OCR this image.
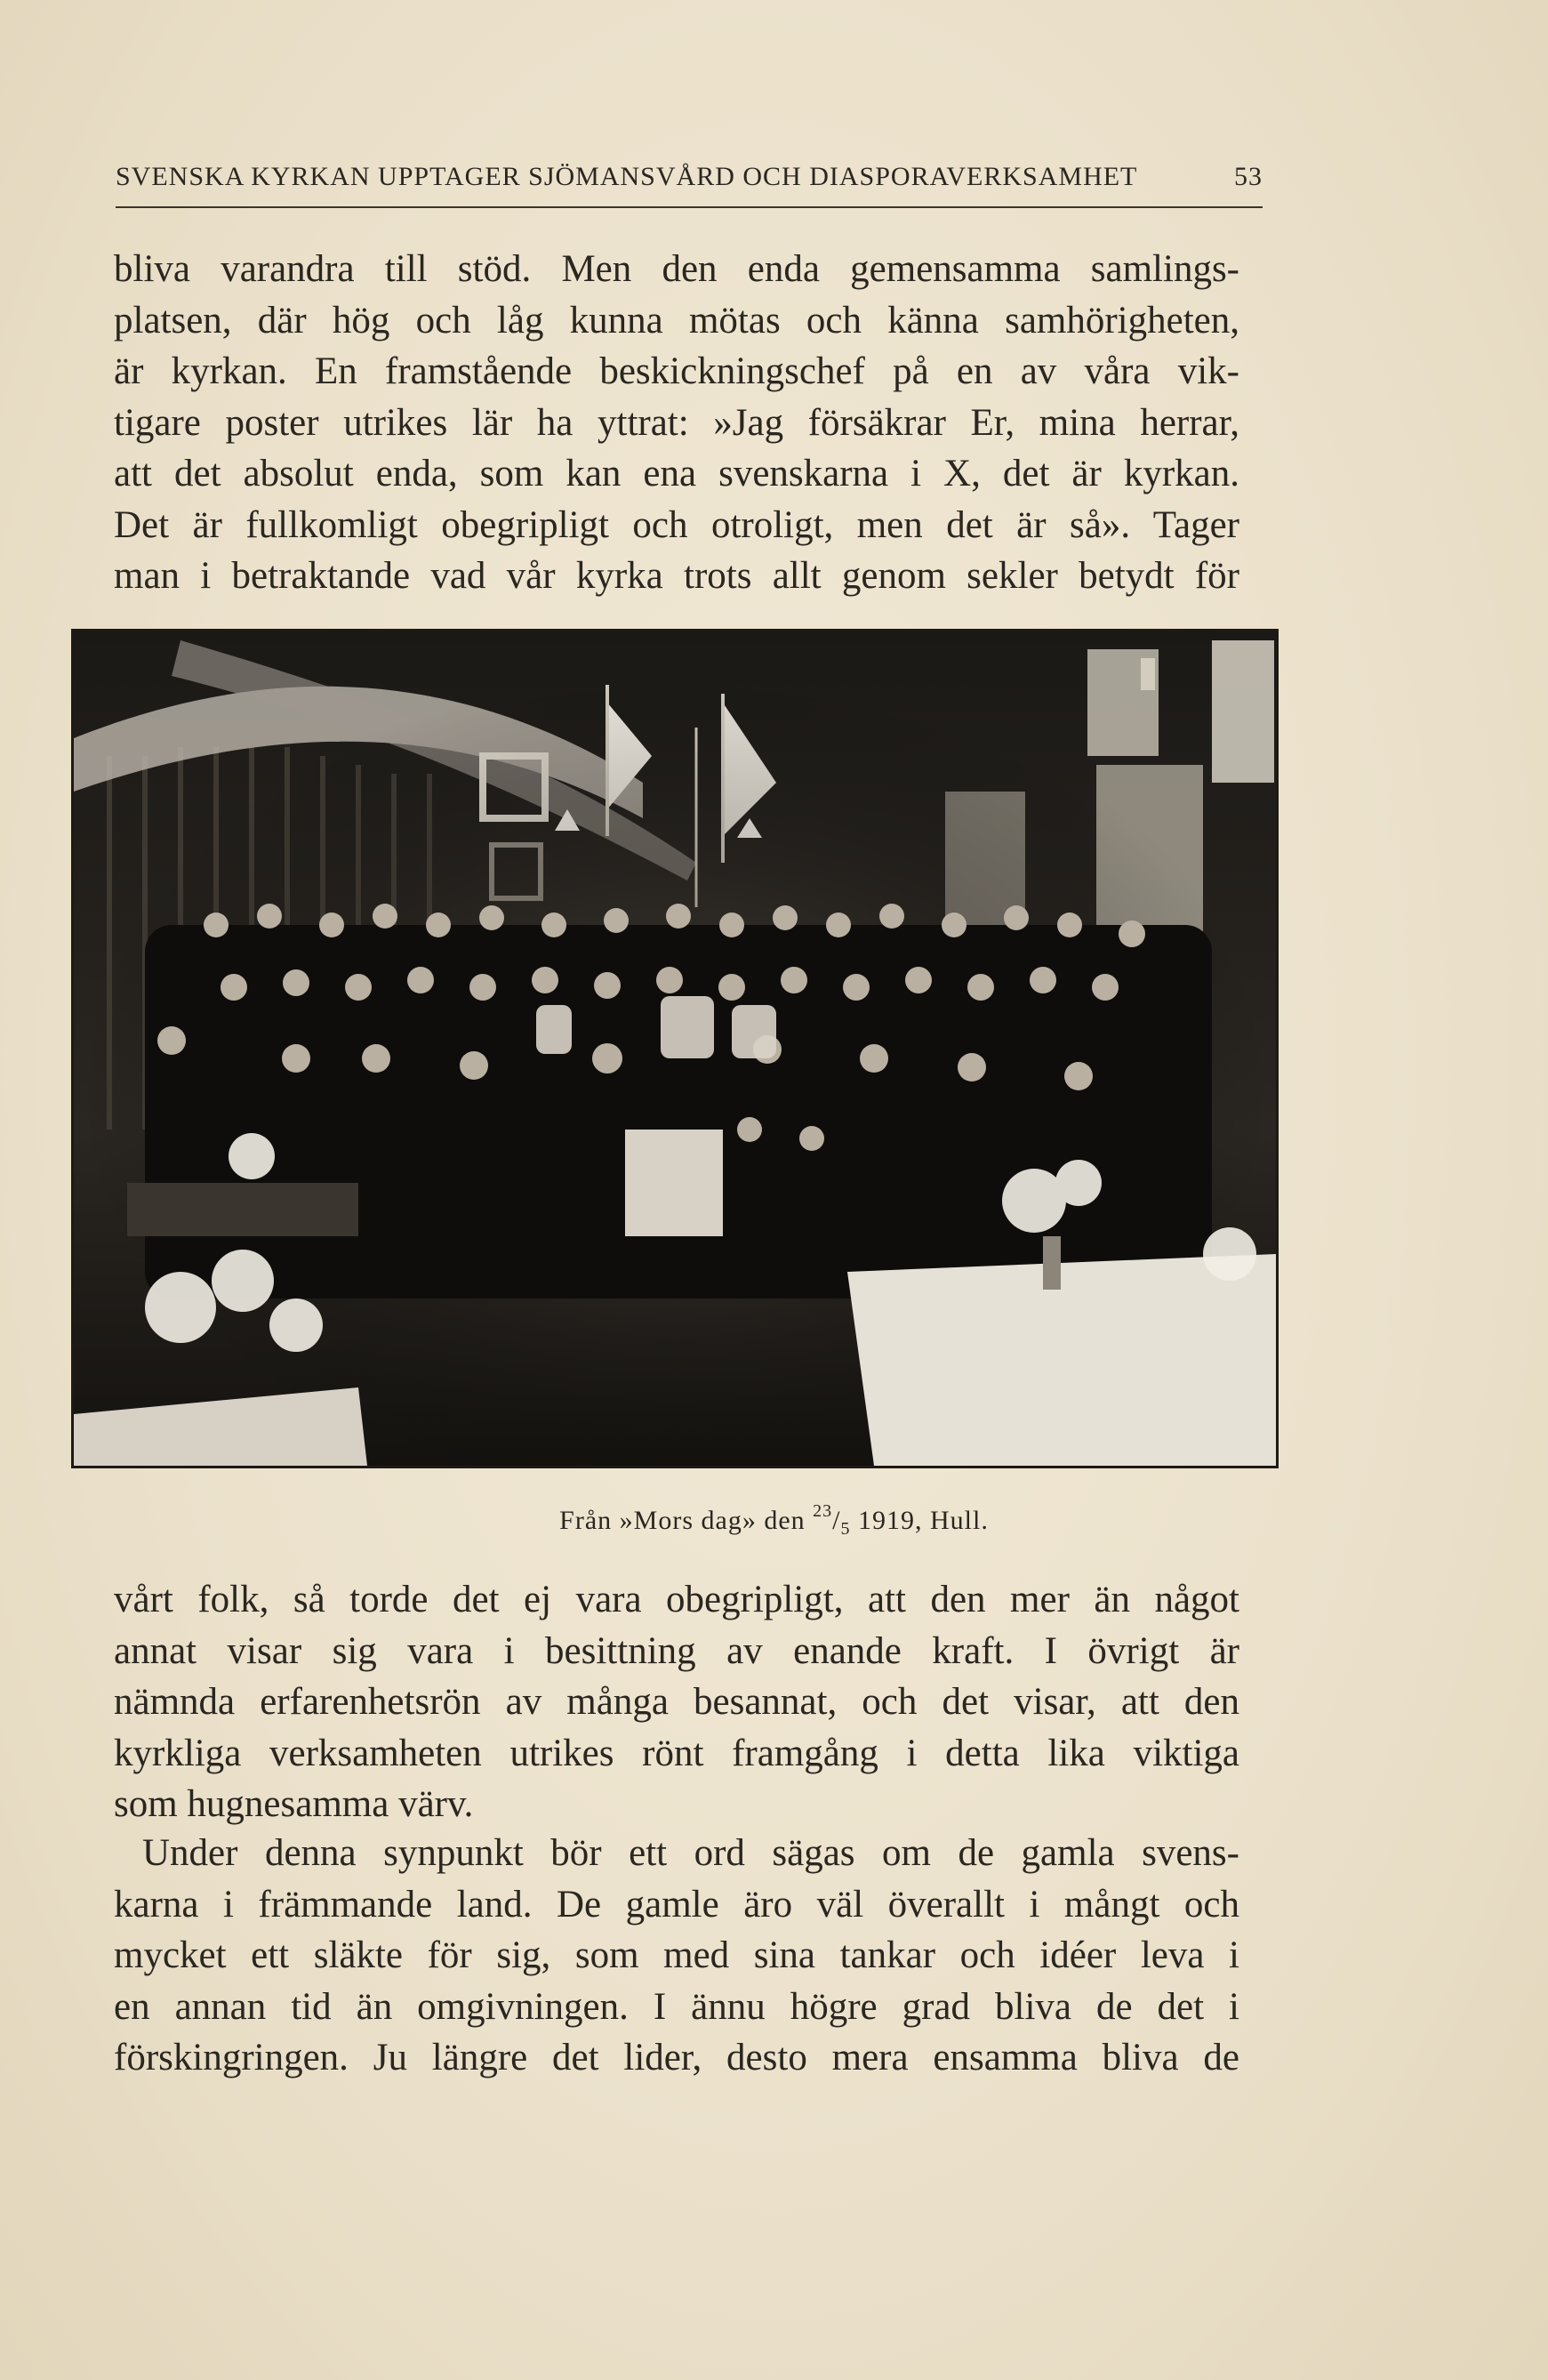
SVENSKA KYRKAN UPPTAGER SJÖMANSVÅRD OCH DIASPORAVERKSAMHET	53
bliva varandra till stöd. Men den enda gemensamma samlings-
platsen, där hög och låg kunna mötas och känna samhörigheten,
är kyrkan. En framstående beskickningschef på en av våra vik-
tigare poster utrikes lär ha yttrat: »Jag försäkrar Er, mina herrar,
att det absolut enda, som kan ena svenskarna i X, det är kyrkan.
Det är fullkomligt obegripligt och otroligt, men det är så». Tager
man i betraktande vad vår kyrka trots allt genom sekler betydt för
Från »Mors dag» den $^{23}/_5$ 1919, Hull.
vårt folk, så torde det ej vara obegripligt, att den mer än något
annat visar sig vara i besittning av enande kraft. I övrigt är
nämnda erfarenhetsrön av många besannat, och det visar, att den
kyrkliga verksamheten utrikes rönt framgång i detta lika viktiga
som hugnesamma värv.
Under denna synpunkt bör ett ord sägas om de gamla svens-
karna i främmande land. De gamle äro väl överallt i mångt och
mycket ett släkte för sig, som med sina tankar och idéer leva i
en annan tid än omgivningen. I ännu högre grad bliva de det i
förskingringen. Ju längre det lider, desto mera ensamma bliva de
